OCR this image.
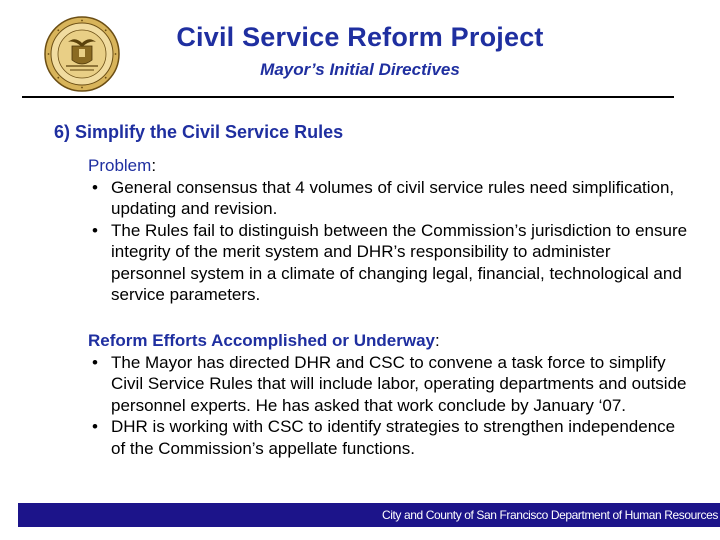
Civil Service Reform Project
Mayor’s Initial Directives
6) Simplify the Civil Service Rules
Problem:
• General consensus that 4 volumes of civil service rules need simplification, updating and revision.
• The Rules fail to distinguish between the Commission’s jurisdiction to ensure integrity of the merit system and DHR’s responsibility to administer personnel system in a climate of changing legal, financial, technological and service parameters.
Reform Efforts Accomplished or Underway:
• The Mayor has directed DHR and CSC to convene a task force to simplify Civil Service Rules that will include labor, operating departments and outside personnel experts. He has asked that work conclude by January ‘07.
• DHR is working with CSC to identify strategies to strengthen independence of the Commission’s appellate functions.
City and County of San Francisco Department of Human Resources
